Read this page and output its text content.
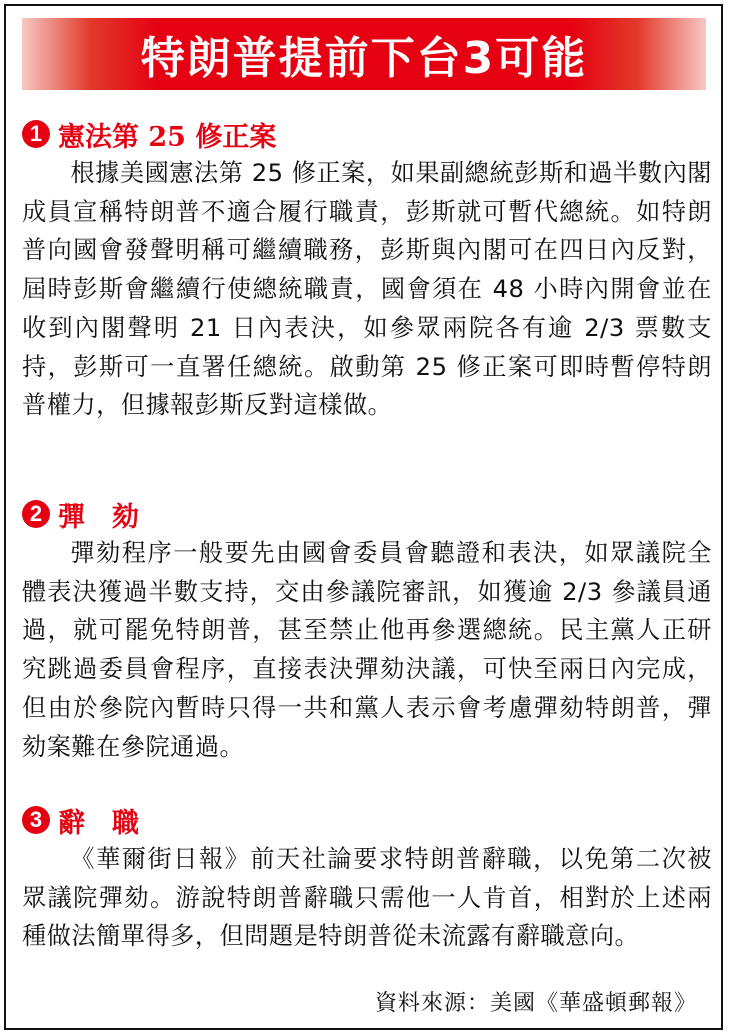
特朗普提前下台3可能
1 憲法第 25 修正案

根據美國憲法第 25 修正案，如果副總統彭斯和過半數內閣成員宣稱特朗普不適合履行職責，彭斯就可暫代總統。如特朗普向國會發聲明稱可繼續職務，彭斯與內閣可在四日內反對，屆時彭斯會繼續行使總統職責，國會須在 48 小時內開會並在收到內閣聲明 21 日內表決，如參眾兩院各有逾 2/3 票數支持，彭斯可一直署任總統。啟動第 25 修正案可即時暫停特朗普權力，但據報彭斯反對這樣做。

2 彈　劾

彈劾程序一般要先由國會委員會聽證和表決，如眾議院全體表決獲過半數支持，交由參議院審訊，如獲逾 2/3 參議員通過，就可罷免特朗普，甚至禁止他再參選總統。民主黨人正研究跳過委員會程序，直接表決彈劾決議，可快至兩日內完成，但由於參院內暫時只得一共和黨人表示會考慮彈劾特朗普，彈劾案難在參院通過。

3 辭　職

《華爾街日報》前天社論要求特朗普辭職，以免第二次被眾議院彈劾。游說特朗普辭職只需他一人肯首，相對於上述兩種做法簡單得多，但問題是特朗普從未流露有辭職意向。

資料來源：美國《華盛頓郵報》
